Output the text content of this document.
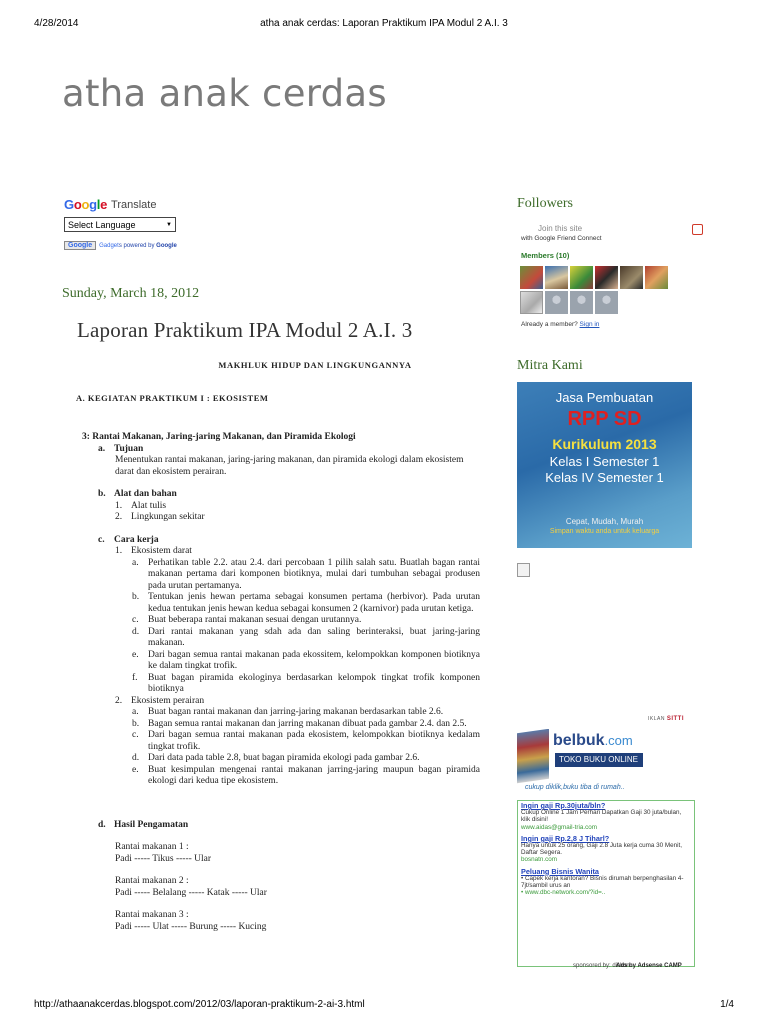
4/28/2014	atha anak cerdas: Laporan Praktikum IPA Modul 2 A.I. 3
atha anak cerdas
Google Translate
Select Language	▼
Google	Gadgets powered by Google
Sunday, March 18, 2012
Laporan Praktikum IPA Modul 2 A.I. 3
MAKHLUK HIDUP DAN LINGKUNGANNYA
A. KEGIATAN PRAKTIKUM I : EKOSISTEM
3: Rantai Makanan, Jaring-jaring Makanan, dan Piramida Ekologi
a. Tujuan
Menentukan rantai makanan, jaring-jaring makanan, dan piramida ekologi dalam ekosistem darat dan ekosistem perairan.
b. Alat dan bahan
1. Alat tulis
2. Lingkungan sekitar
c. Cara kerja
1. Ekosistem darat
a. Perhatikan table 2.2. atau 2.4. dari percobaan 1 pilih salah satu. Buatlah bagan rantai makanan pertama dari komponen biotiknya, mulai dari tumbuhan sebagai produsen pada urutan pertamanya.
b. Tentukan jenis hewan pertama sebagai konsumen pertama (herbivor). Pada urutan kedua tentukan jenis hewan kedua sebagai konsumen 2 (karnivor) pada urutan ketiga.
c. Buat beberapa rantai makanan sesuai dengan urutannya.
d. Dari rantai makanan yang sdah ada dan saling berinteraksi, buat jaring-jaring makanan.
e. Dari bagan semua rantai makanan pada ekossitem, kelompokkan komponen biotiknya ke dalam tingkat trofik.
f.	Buat bagan piramida ekologinya berdasarkan kelompok tingkat trofik komponen biotiknya
2. Ekosistem perairan
a. Buat bagan rantai makanan dan jarring-jaring makanan berdasarkan table 2.6.
b. Bagan semua rantai makanan dan jarring makanan dibuat pada gambar 2.4. dan 2.5.
c. Dari bagan semua rantai makanan pada ekosistem, kelompokkan biotiknya kedalam tingkat trofik.
d. Dari data pada table 2.8, buat bagan piramida ekologi pada gambar 2.6.
e. Buat kesimpulan mengenai rantai makanan jarring-jaring maupun bagan piramida ekologi dari kedua tipe ekosistem.
d. Hasil Pengamatan
Rantai makanan 1 :
Padi ----- Tikus ----- Ular
Rantai makanan 2 :
Padi ----- Belalang ----- Katak ----- Ular
Rantai makanan 3 :
Padi ----- Ulat ----- Burung ----- Kucing
Followers
Join this site
with Google Friend Connect
Members (10)
Already a member? Sign in
Mitra Kami
Jasa Pembuatan
RPP SD
Kurikulum 2013
Kelas I Semester 1
Kelas IV Semester 1
Cepat, Mudah, Murah
Simpan waktu anda untuk keluarga
IKLAN SITTI
belbuk.com
TOKO BUKU ONLINE
cukup diklik,buku tiba di rumah..
Ingin gaji Rp.30juta/bln?
Cukup Online 1 Jam Perhari Dapatkan Gaji 30 juta/bulan, klik disini!
www.aidas@gmail-tria.com
Ingin gaji Rp.2,8 J Tiharl?
Hanya untuk 25 orang, Gaji 2.8 Juta kerja cuma 30 Menit, Daftar Segera.
bosnatn.com
Peluang Bisnis Wanita
• Capek kerja kantoran? Bisnis dirumah berpenghasilan 4-7jt/sambil urus an
• www.dbc-network.com/?id=..
sponsored by: diskon
Ads by Adsense CAMP
http://athaanakcerdas.blogspot.com/2012/03/laporan-praktikum-2-ai-3.html	1/4
